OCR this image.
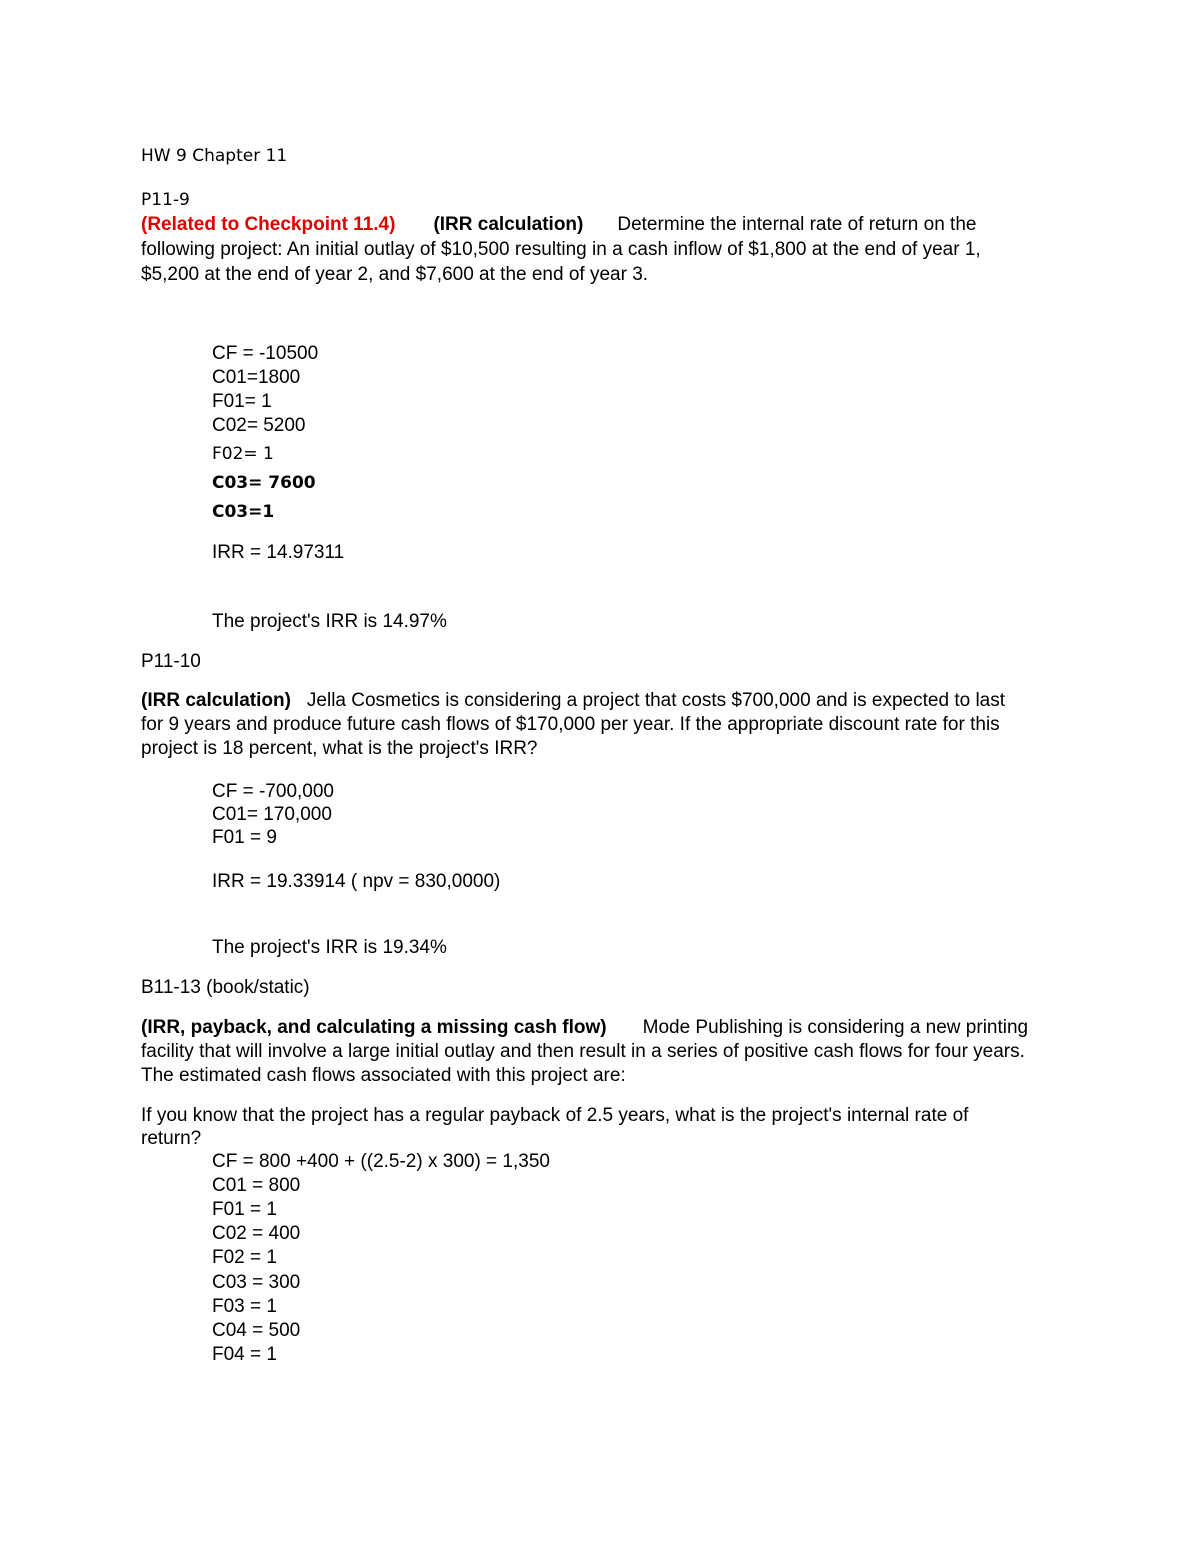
HW 9 Chapter 11
P11-9
(Related to Checkpoint 11.4) (IRR calculation) Determine the internal rate of return on the
following project: An initial outlay of $10,500 resulting in a cash inflow of $1,800 at the end of year 1,
$5,200 at the end of year 2, and $7,600 at the end of year 3.
CF = -10500
C01=1800
F01= 1
C02= 5200
F02= 1
C03= 7600
C03=1
IRR = 14.97311
The project's IRR is 14.97%
P11-10
(IRR calculation) Jella Cosmetics is considering a project that costs $700,000 and is expected to last
for 9 years and produce future cash flows of $170,000 per year. If the appropriate discount rate for this
project is 18 percent, what is the project's IRR?
CF = -700,000
C01= 170,000
F01 = 9
IRR = 19.33914 ( npv = 830,0000)
The project's IRR is 19.34%
B11-13 (book/static)
(IRR, payback, and calculating a missing cash flow) Mode Publishing is considering a new printing
facility that will involve a large initial outlay and then result in a series of positive cash flows for four years.
The estimated cash flows associated with this project are:
If you know that the project has a regular payback of 2.5 years, what is the project's internal rate of
return?
CF = 800 +400 + ((2.5-2) x 300) = 1,350
C01 = 800
F01 = 1
C02 = 400
F02 = 1
C03 = 300
F03 = 1
C04 = 500
F04 = 1
